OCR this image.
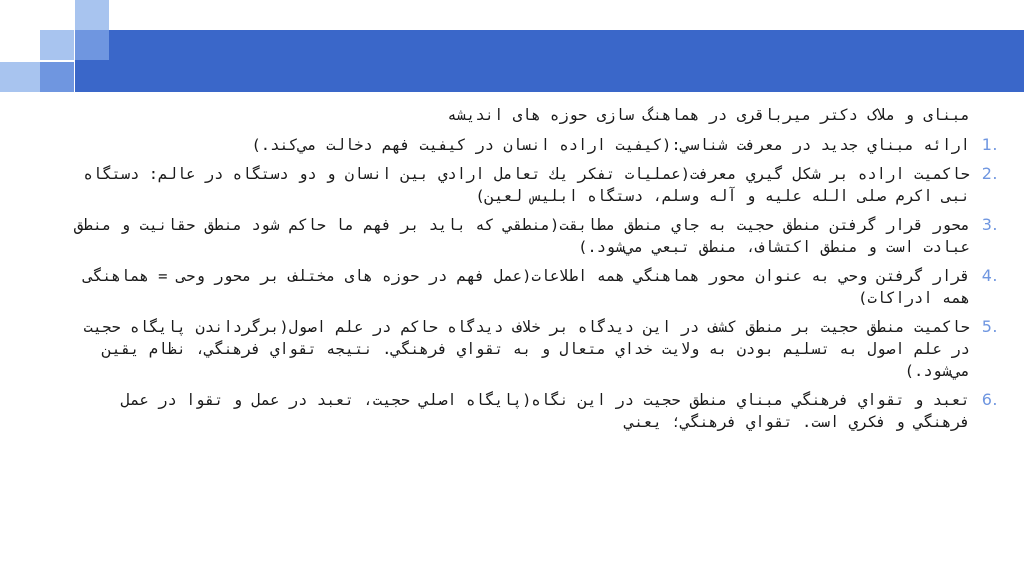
مبنای و ملاک دکتر میرباقری در هماهنگ سازی حوزه های اندیشه
1.
ارائه مبناي جديد در معرفت شناسي:(كيفيت اراده انسان در كيفيت فهم دخالت مي‌كند.)
2.
حاكميت اراده بر شكل گيري معرفت(عمليات تفكر يك تعامل ارادي بين انسان و دو دستگاه در عالم: دستگاه نبی اکرم صلی الله علیه و آله وسلم، دستگاه ابلیس لعین)
3.
محور قرار گرفتن منطق حجيت به جاي منطق مطابقت(منطقي كه بايد بر فهم ما حاكم شود منطق حقانيت و منطق عبادت است و منطق اكتشاف، منطق تبعي مي‌شود.)
4.
قرار گرفتن وحي به عنوان محور هماهنگي همه اطلاعات(عمل فهم در حوزه های مختلف بر محور وحی = هماهنگی همه ادراکات)
5.
حاكميت منطق حجيت بر منطق كشف در اين ديدگاه بر خلاف ديدگاه حاكم در علم اصول(برگرداندن پايگاه حجيت در علم اصول به تسليم بودن به ولايت خداي متعال و به تقواي فرهنگي. نتيجه تقواي فرهنگي، نظام يقين مي‌شود.)
6.
تعبد و تقواي فرهنگي مبناي منطق حجيت در اين نگاه(پايگاه اصلي حجيت، تعبد در عمل و تقوا در عمل فرهنگي و فكري است. تقواي فرهنگي؛ يعني
